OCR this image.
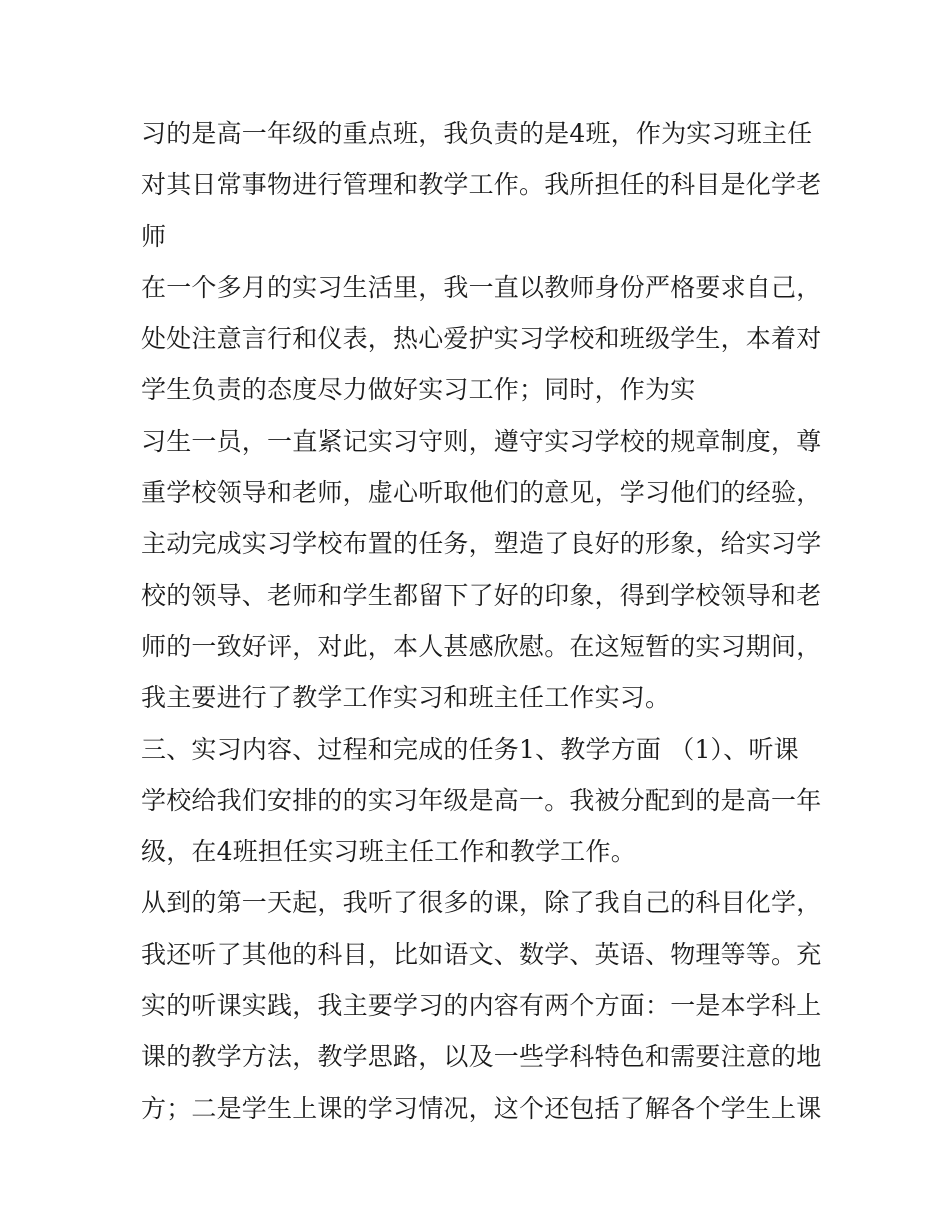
习的是高一年级的重点班，我负责的是4班，作为实习班主任
对其日常事物进行管理和教学工作。我所担任的科目是化学老
师
在一个多月的实习生活里，我一直以教师身份严格要求自己，
处处注意言行和仪表，热心爱护实习学校和班级学生，本着对
学生负责的态度尽力做好实习工作；同时，作为实
习生一员，一直紧记实习守则，遵守实习学校的规章制度，尊
重学校领导和老师，虚心听取他们的意见，学习他们的经验，
主动完成实习学校布置的任务，塑造了良好的形象，给实习学
校的领导、老师和学生都留下了好的印象，得到学校领导和老
师的一致好评，对此，本人甚感欣慰。在这短暂的实习期间，
我主要进行了教学工作实习和班主任工作实习。
三、实习内容、过程和完成的任务1、教学方面 （1）、听课
学校给我们安排的的实习年级是高一。我被分配到的是高一年
级，在4班担任实习班主任工作和教学工作。
从到的第一天起，我听了很多的课，除了我自己的科目化学，
我还听了其他的科目，比如语文、数学、英语、物理等等。充
实的听课实践，我主要学习的内容有两个方面：一是本学科上
课的教学方法，教学思路，以及一些学科特色和需要注意的地
方；二是学生上课的学习情况，这个还包括了解各个学生上课
